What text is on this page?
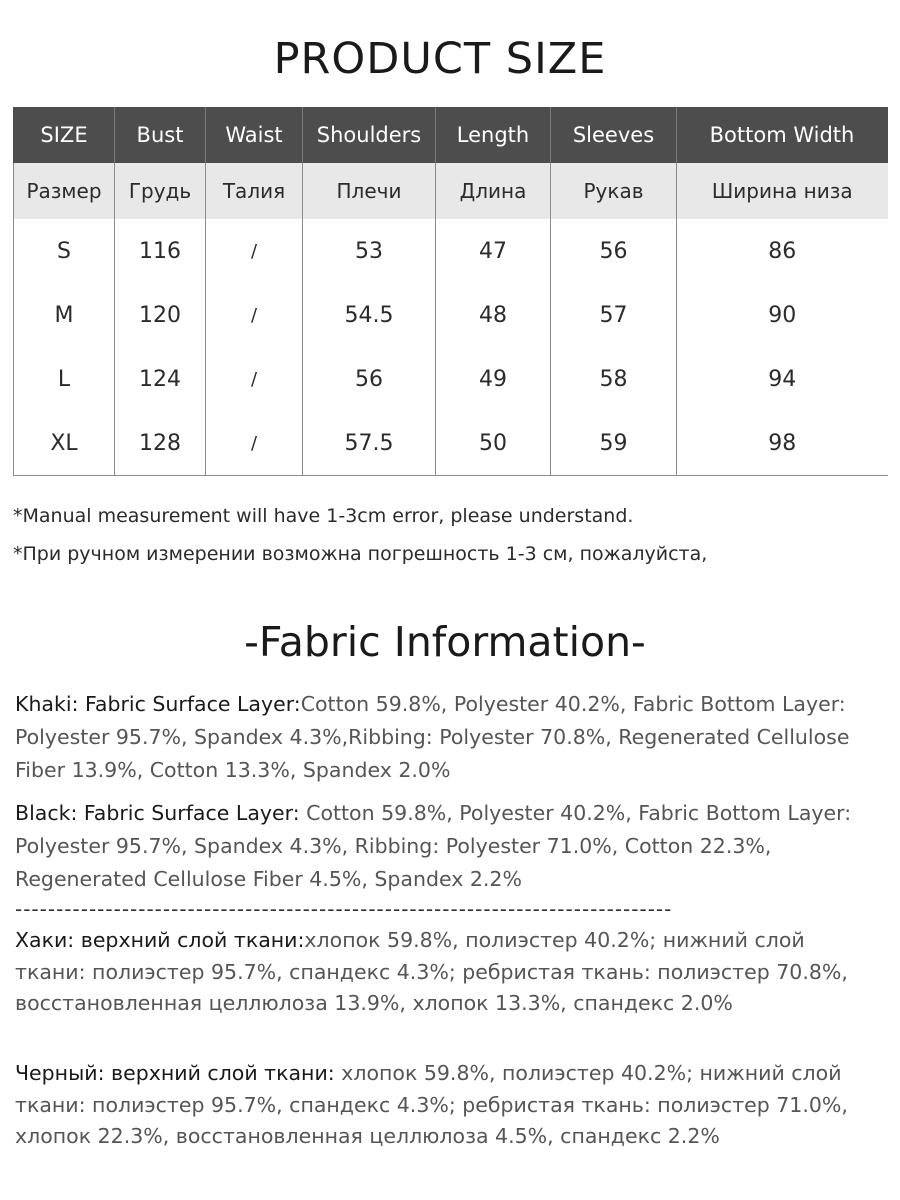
PRODUCT SIZE
SIZE	Bust	Waist	Shoulders	Length	Sleeves	Bottom Width
Размер	Грудь	Талия	Плечи	Длина	Рукав	Ширина низа
S	116	/	53	47	56	86
M	120	/	54.5	48	57	90
L	124	/	56	49	58	94
XL	128	/	57.5	50	59	98
*Manual measurement will have 1-3cm error, please understand.
*При ручном измерении возможна погрешность 1-3 см, пожалуйста,
-Fabric Information-
Khaki: Fabric Surface Layer:Cotton 59.8%, Polyester 40.2%, Fabric Bottom Layer: Polyester 95.7%, Spandex 4.3%,Ribbing: Polyester 70.8%, Regenerated Cellulose Fiber 13.9%, Cotton 13.3%, Spandex 2.0%
Black: Fabric Surface Layer: Cotton 59.8%, Polyester 40.2%, Fabric Bottom Layer: Polyester 95.7%, Spandex 4.3%, Ribbing: Polyester 71.0%, Cotton 22.3%, Regenerated Cellulose Fiber 4.5%, Spandex 2.2%
--------------------------------------------------------------------------------
Хаки: верхний слой ткани:хлопок 59.8%, полиэстер 40.2%; нижний слой ткани: полиэстер 95.7%, спандекс 4.3%; ребристая ткань: полиэстер 70.8%, восстановленная целлюлоза 13.9%, хлопок 13.3%, спандекс 2.0%
Черный: верхний слой ткани: хлопок 59.8%, полиэстер 40.2%; нижний слой ткани: полиэстер 95.7%, спандекс 4.3%; ребристая ткань: полиэстер 71.0%, хлопок 22.3%, восстановленная целлюлоза 4.5%, спандекс 2.2%
